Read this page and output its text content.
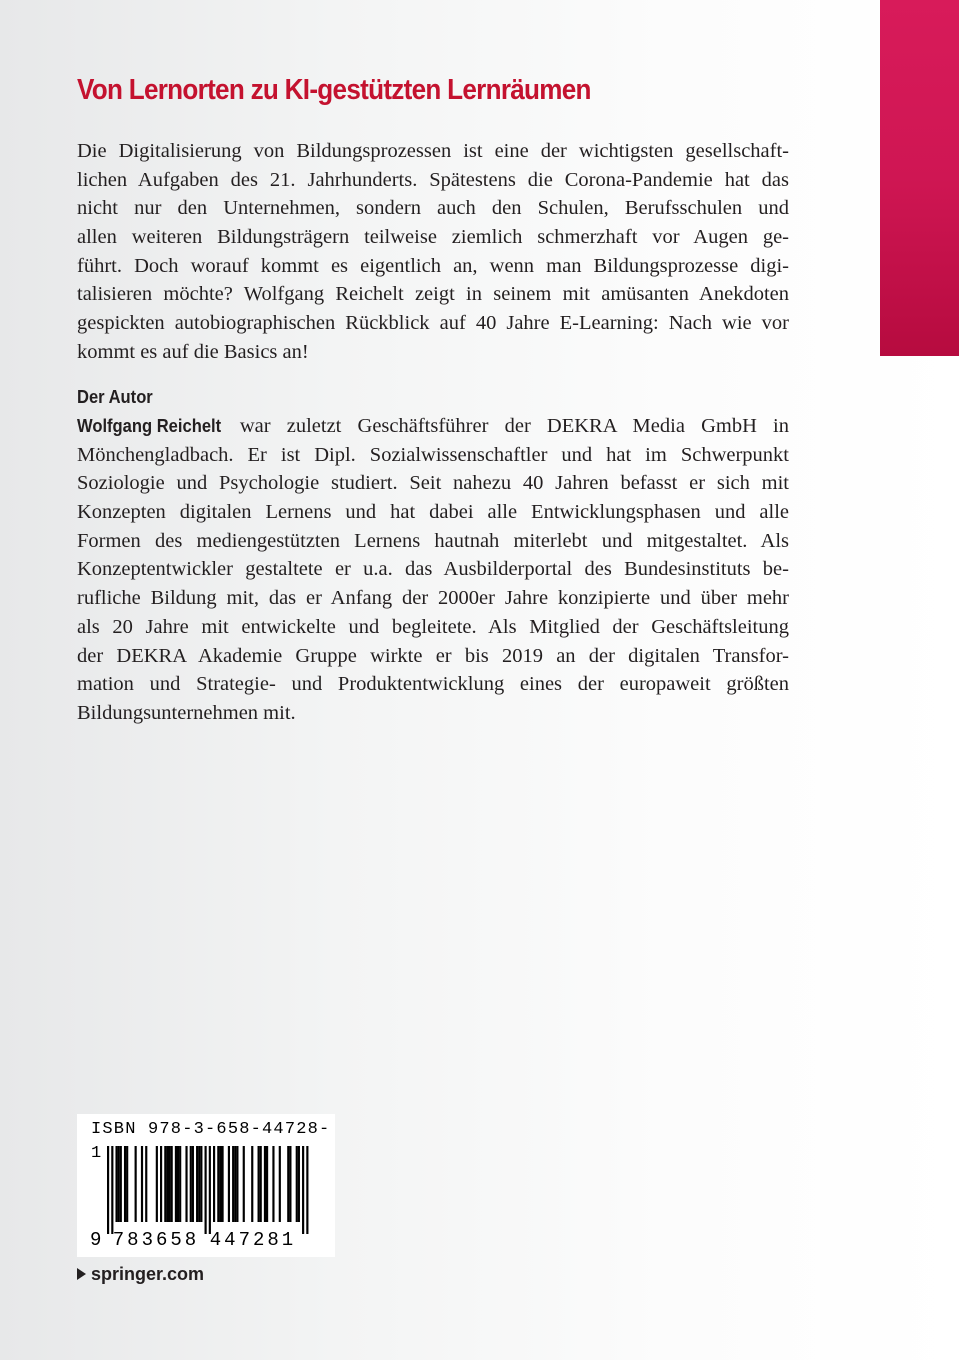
Von Lernorten zu KI-gestützten Lernräumen
Die Digitalisierung von Bildungsprozessen ist eine der wichtigsten gesellschaft-
lichen Aufgaben des 21. Jahrhunderts. Spätestens die Corona-Pandemie hat das
nicht nur den Unternehmen, sondern auch den Schulen, Berufsschulen und
allen weiteren Bildungsträgern teilweise ziemlich schmerzhaft vor Augen ge-
führt. Doch worauf kommt es eigentlich an, wenn man Bildungsprozesse digi-
talisieren möchte? Wolfgang Reichelt zeigt in seinem mit amüsanten Anekdoten
gespickten autobiographischen Rückblick auf 40 Jahre E-Learning: Nach wie vor
kommt es auf die Basics an!
Der Autor
Wolfgang Reichelt war zuletzt Geschäftsführer der DEKRA Media GmbH in
Mönchengladbach. Er ist Dipl. Sozialwissenschaftler und hat im Schwerpunkt
Soziologie und Psychologie studiert. Seit nahezu 40 Jahren befasst er sich mit
Konzepten digitalen Lernens und hat dabei alle Entwicklungsphasen und alle
Formen des mediengestützten Lernens hautnah miterlebt und mitgestaltet. Als
Konzeptentwickler gestaltete er u.a. das Ausbilderportal des Bundesinstituts be-
rufliche Bildung mit, das er Anfang der 2000er Jahre konzipierte und über mehr
als 20 Jahre mit entwickelte und begleitete. Als Mitglied der Geschäftsleitung
der DEKRA Akademie Gruppe wirkte er bis 2019 an der digitalen Transfor-
mation und Strategie- und Produktentwicklung eines der europaweit größten
Bildungsunternehmen mit.
ISBN 978-3-658-44728-1
9 783658 447281
springer.com
